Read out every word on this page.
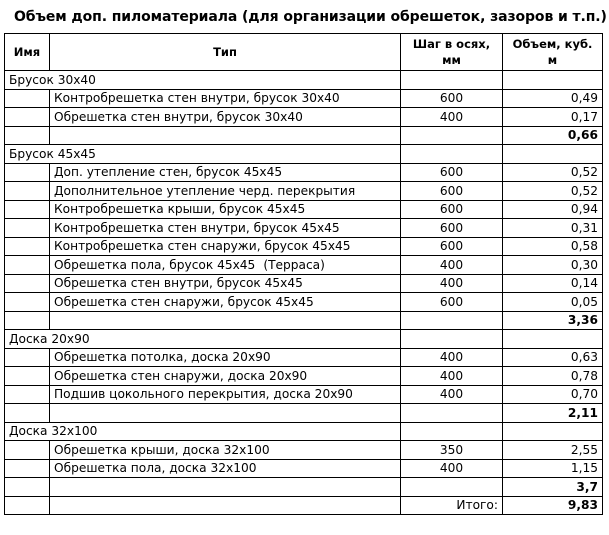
Объем доп. пиломатериала (для организации обрешеток, зазоров и т.п.)
Имя	Тип	Шаг в осях, мм	Объем, куб. м
Брусок 30х40			
	Контробрешетка стен внутри, брусок 30х40	600	0,49
	Обрешетка стен внутри, брусок 30х40	400	0,17
			0,66
Брусок 45х45			
	Доп. утепление стен, брусок 45х45	600	0,52
	Дополнительное утепление черд. перекрытия	600	0,52
	Контробрешетка крыши, брусок 45х45	600	0,94
	Контробрешетка стен внутри, брусок 45х45	600	0,31
	Контробрешетка стен снаружи, брусок 45х45	600	0,58
	Обрешетка пола, брусок 45х45 (Терраса)	400	0,30
	Обрешетка стен внутри, брусок 45х45	400	0,14
	Обрешетка стен снаружи, брусок 45х45	600	0,05
			3,36
Доска 20х90			
	Обрешетка потолка, доска 20х90	400	0,63
	Обрешетка стен снаружи, доска 20х90	400	0,78
	Подшив цокольного перекрытия, доска 20х90	400	0,70
			2,11
Доска 32х100			
	Обрешетка крыши, доска 32х100	350	2,55
	Обрешетка пола, доска 32х100	400	1,15
			3,7
		Итого:	9,83
